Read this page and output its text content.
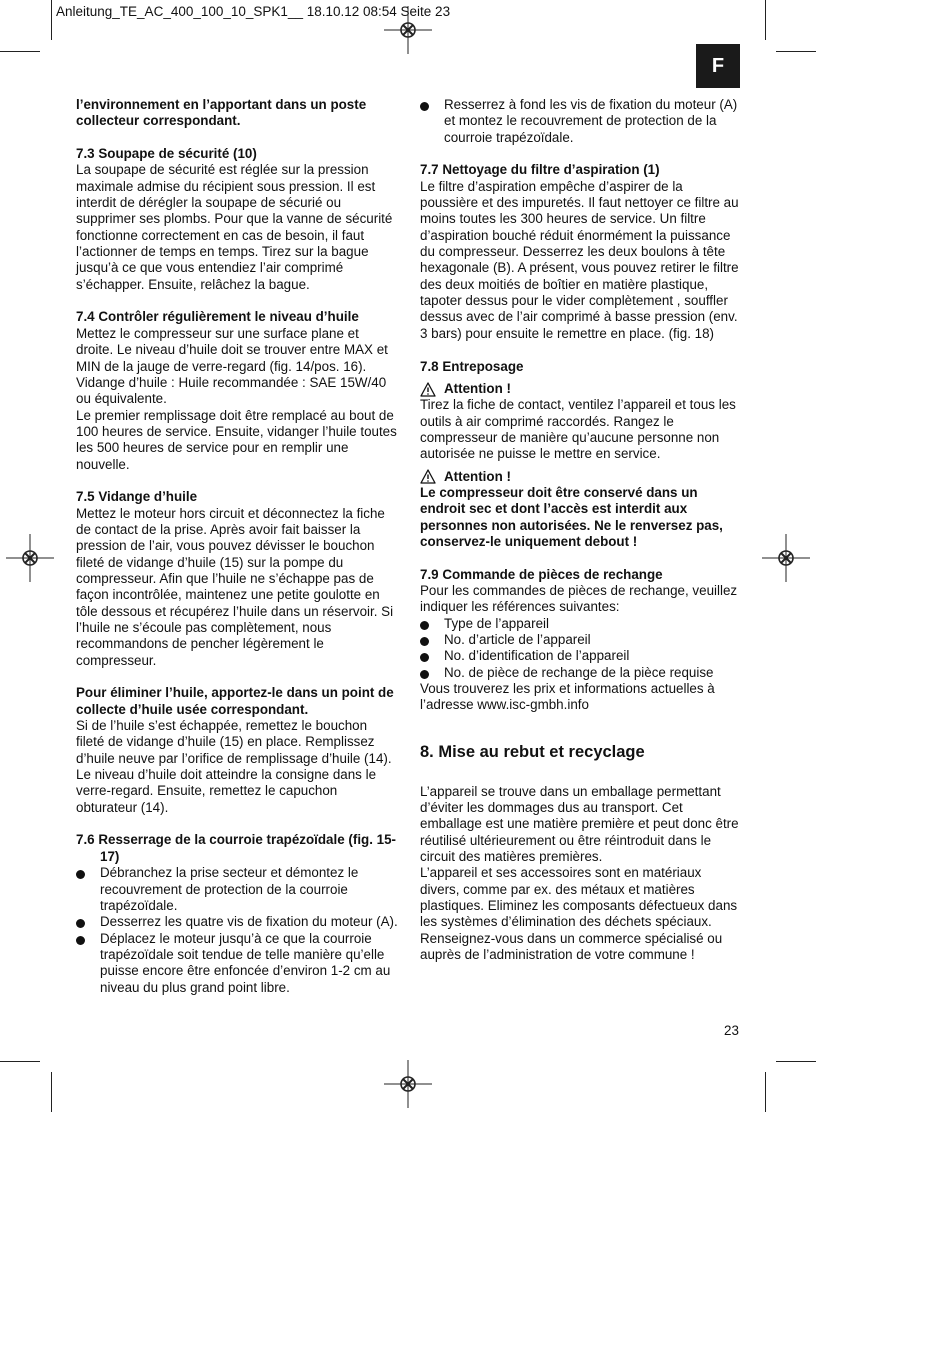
Anleitung_TE_AC_400_100_10_SPK1__ 18.10.12 08:54 Seite 23
F

l’environnement en l’apportant dans un poste collecteur correspondant.

7.3 Soupape de sécurité (10)

La soupape de sécurité est réglée sur la pression maximale admise du récipient sous pression. Il est interdit de dérégler la soupape de sécurié ou supprimer ses plombs. Pour que la vanne de sécurité fonctionne correctement en cas de besoin, il faut l’actionner de temps en temps. Tirez sur la bague jusqu’à ce que vous entendiez l’air comprimé s’échapper. Ensuite, relâchez la bague.

7.4 Contrôler régulièrement le niveau d’huile

Mettez le compresseur sur une surface plane et droite. Le niveau d’huile doit se trouver entre MAX et MIN de la jauge de verre-regard (fig. 14/pos. 16).

Vidange d’huile : Huile recommandée : SAE 15W/40 ou équivalente.

Le premier remplissage doit être remplacé au bout de 100 heures de service. Ensuite, vidanger l’huile toutes les 500 heures de service pour en remplir une nouvelle.

7.5 Vidange d’huile

Mettez le moteur hors circuit et déconnectez la fiche de contact de la prise. Après avoir fait baisser la pression de l’air, vous pouvez dévisser le bouchon fileté de vidange d’huile (15) sur la pompe du compresseur. Afin que l’huile ne s’échappe pas de façon incontrôlée, maintenez une petite goulotte en tôle dessous et récupérez l’huile dans un réservoir. Si l’huile ne s’écoule pas complètement, nous recommandons de pencher légèrement le compresseur.

Pour éliminer l’huile, apportez-le dans un point de collecte d’huile usée correspondant.

Si de l’huile s’est échappée, remettez le bouchon fileté de vidange d’huile (15) en place. Remplissez d’huile neuve par l’orifice de remplissage d’huile (14). Le niveau d’huile doit atteindre la consigne dans le verre-regard. Ensuite, remettez le capuchon obturateur (14).

7.6 Resserrage de la courroie trapézoïdale (fig. 15-17)

Débranchez la prise secteur et démontez le recouvrement de protection de la courroie trapézoïdale.

Desserrez les quatre vis de fixation du moteur (A).

Déplacez le moteur jusqu’à ce que la courroie trapézoïdale soit tendue de telle manière qu’elle puisse encore être enfoncée d’environ 1-2 cm au niveau du plus grand point libre.

Resserrez à fond les vis de fixation du moteur (A) et montez le recouvrement de protection de la courroie trapézoïdale.

7.7 Nettoyage du filtre d’aspiration (1)

Le filtre d’aspiration empêche d’aspirer de la poussière et des impuretés. Il faut nettoyer ce filtre au moins toutes les 300 heures de service. Un filtre d’aspiration bouché réduit énormément la puissance du compresseur. Desserrez les deux boulons à tête hexagonale (B). A présent, vous pouvez retirer le filtre des deux moitiés de boîtier en matière plastique, tapoter dessus pour le vider complètement , souffler dessus avec de l’air comprimé à basse pression (env. 3 bars) pour ensuite le remettre en place. (fig. 18)

7.8 Entreposage

Attention !

Tirez la fiche de contact, ventilez l’appareil et tous les outils à air comprimé raccordés. Rangez le compresseur de manière qu’aucune personne non autorisée ne puisse le mettre en service.

Attention !

Le compresseur doit être conservé dans un endroit sec et dont l’accès est interdit aux personnes non autorisées. Ne le renversez pas, conservez-le uniquement debout !

7.9 Commande de pièces de rechange

Pour les commandes de pièces de rechange, veuillez indiquer les références suivantes:

Type de l’appareil

No. d’article de l’appareil

No. d’identification de l’appareil

No. de pièce de rechange de la pièce requise

Vous trouverez les prix et informations actuelles à l’adresse www.isc-gmbh.info

8. Mise au rebut et recyclage

L’appareil se trouve dans un emballage permettant d’éviter les dommages dus au transport. Cet emballage est une matière première et peut donc être réutilisé ultérieurement ou être réintroduit dans le circuit des matières premières.

L’appareil et ses accessoires sont en matériaux divers, comme par ex. des métaux et matières plastiques. Eliminez les composants défectueux dans les systèmes d’élimination des déchets spéciaux. Renseignez-vous dans un commerce spécialisé ou auprès de l’administration de votre commune !

23
